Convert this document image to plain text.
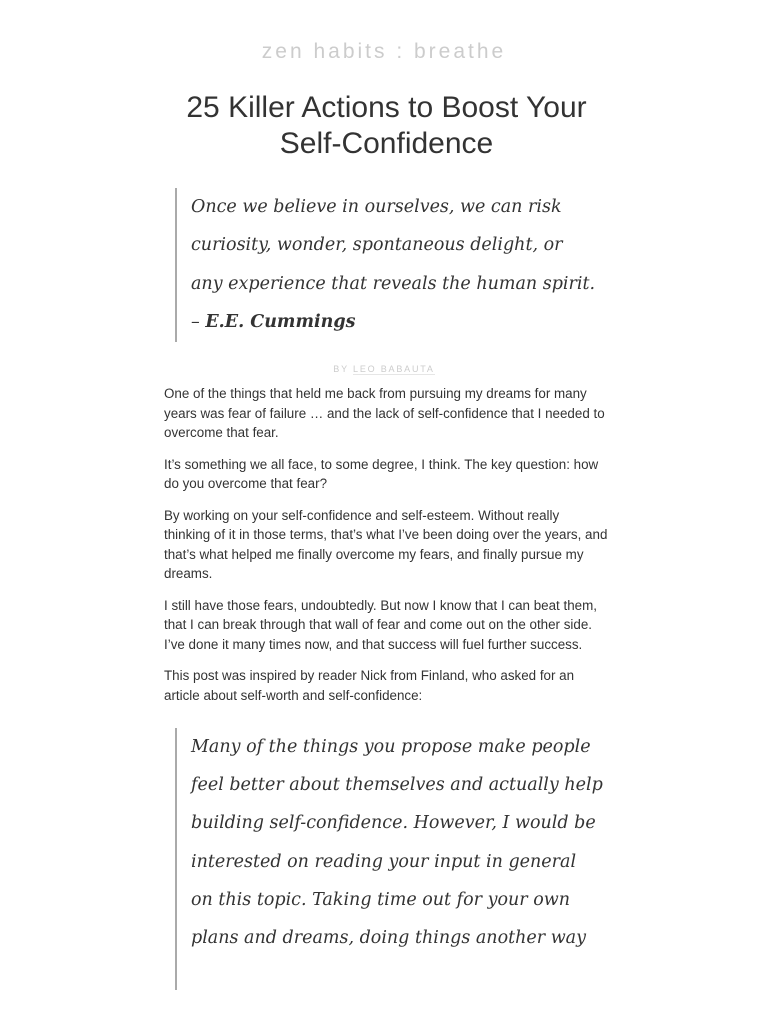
zen habits : breathe
25 Killer Actions to Boost Your Self-Confidence
Once we believe in ourselves, we can risk
curiosity, wonder, spontaneous delight, or
any experience that reveals the human spirit.
– E.E. Cummings
BY LEO BABAUTA

One of the things that held me back from pursuing my dreams for many years was fear of failure … and the lack of self-confidence that I needed to overcome that fear.

It’s something we all face, to some degree, I think. The key question: how do you overcome that fear?

By working on your self-confidence and self-esteem. Without really thinking of it in those terms, that’s what I’ve been doing over the years, and that’s what helped me finally overcome my fears, and finally pursue my dreams.

I still have those fears, undoubtedly. But now I know that I can beat them, that I can break through that wall of fear and come out on the other side. I’ve done it many times now, and that success will fuel further success.

This post was inspired by reader Nick from Finland, who asked for an article about self-worth and self-confidence:

Many of the things you propose make people
feel better about themselves and actually help
building self-confidence. However, I would be
interested on reading your input in general
on this topic. Taking time out for your own
plans and dreams, doing things another way
